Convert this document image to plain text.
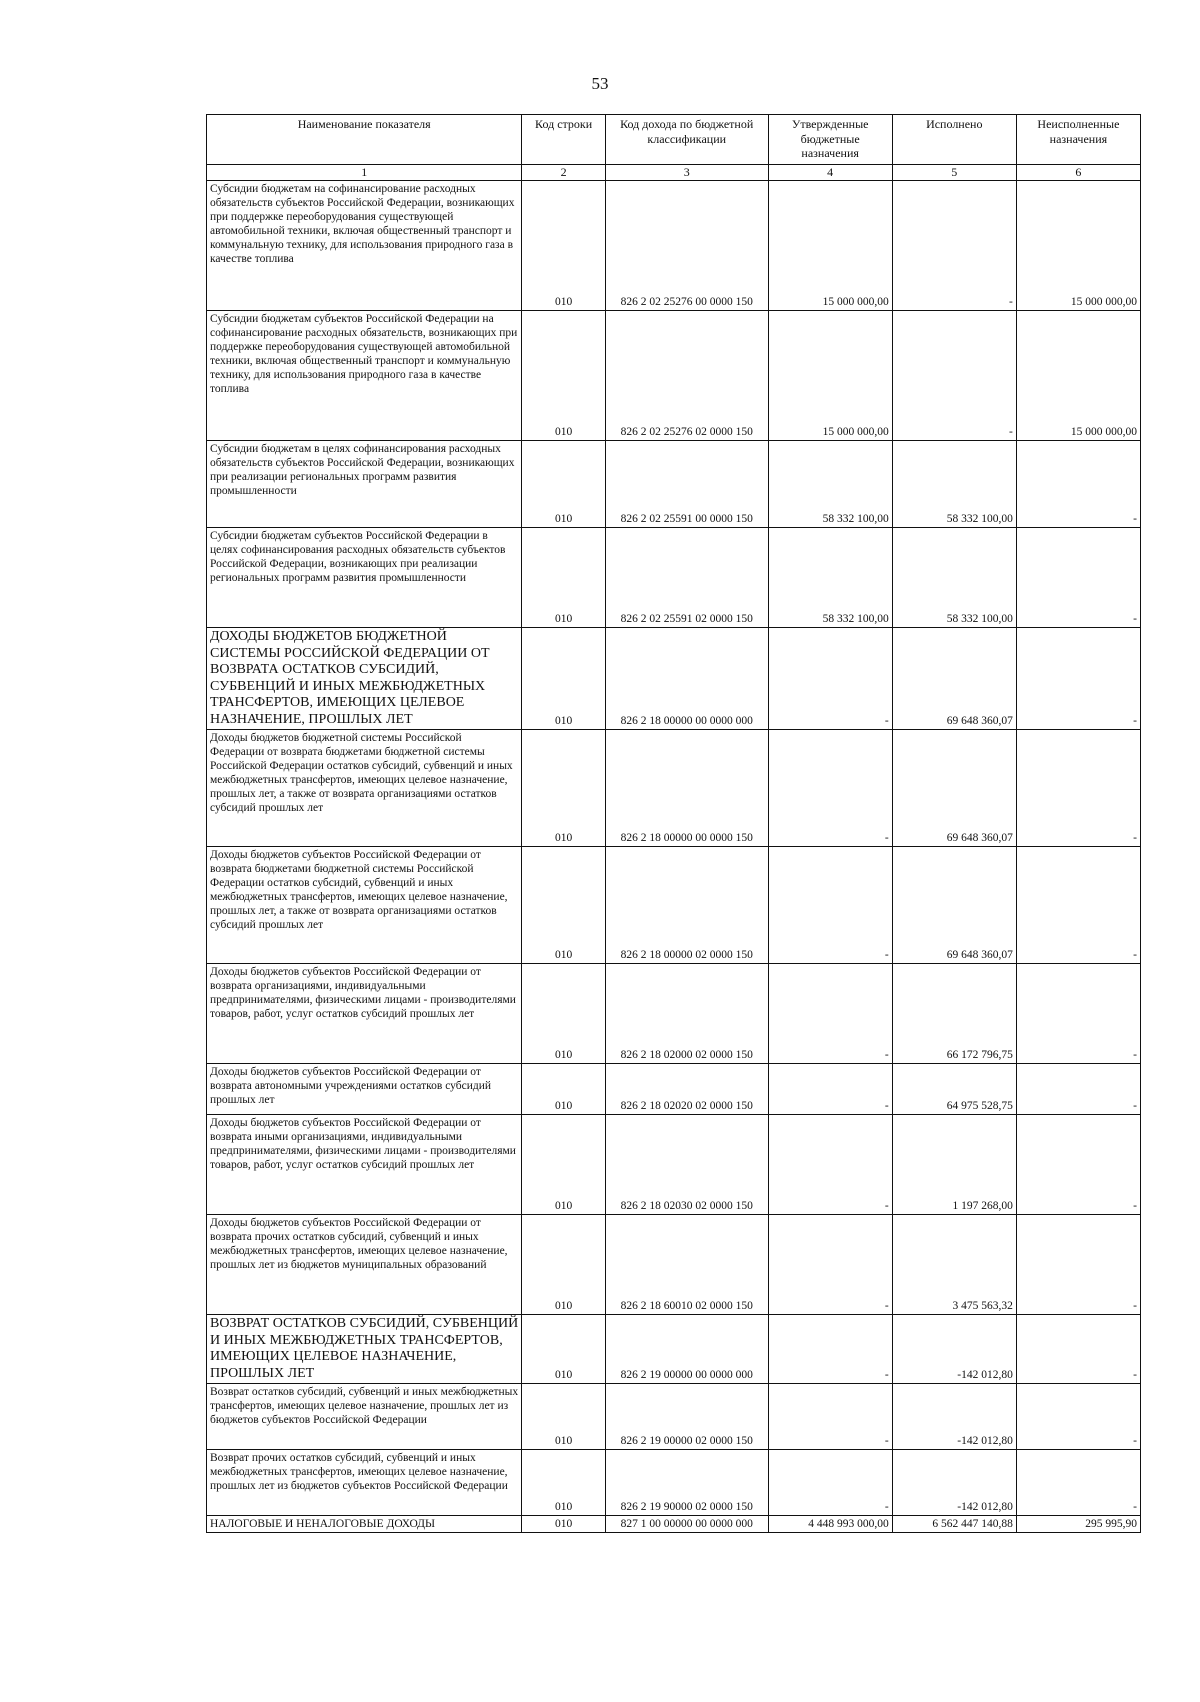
53
Наименование показателя	Код строки	Код дохода по бюджетной классификации	Утвержденные бюджетные назначения	Исполнено	Неисполненные назначения
1	2	3	4	5	6
Субсидии бюджетам на софинансирование расходных обязательств субъектов Российской Федерации, возникающих при поддержке переоборудования существующей автомобильной техники, включая общественный транспорт и коммунальную технику, для использования природного газа в качестве топлива	010	826 2 02 25276 00 0000 150	15 000 000,00	-	15 000 000,00
Субсидии бюджетам субъектов Российской Федерации на софинансирование расходных обязательств, возникающих при поддержке переоборудования существующей автомобильной техники, включая общественный транспорт и коммунальную технику, для использования природного газа в качестве топлива	010	826 2 02 25276 02 0000 150	15 000 000,00	-	15 000 000,00
Субсидии бюджетам в целях софинансирования расходных обязательств субъектов Российской Федерации, возникающих при реализации региональных программ развития промышленности	010	826 2 02 25591 00 0000 150	58 332 100,00	58 332 100,00	-
Субсидии бюджетам субъектов Российской Федерации в целях софинансирования расходных обязательств субъектов Российской Федерации, возникающих при реализации региональных программ развития промышленности	010	826 2 02 25591 02 0000 150	58 332 100,00	58 332 100,00	-
ДОХОДЫ БЮДЖЕТОВ БЮДЖЕТНОЙ СИСТЕМЫ РОССИЙСКОЙ ФЕДЕРАЦИИ ОТ ВОЗВРАТА ОСТАТКОВ СУБСИДИЙ, СУБВЕНЦИЙ И ИНЫХ МЕЖБЮДЖЕТНЫХ ТРАНСФЕРТОВ, ИМЕЮЩИХ ЦЕЛЕВОЕ НАЗНАЧЕНИЕ, ПРОШЛЫХ ЛЕТ	010	826 2 18 00000 00 0000 000	-	69 648 360,07	-
Доходы бюджетов бюджетной системы Российской Федерации от возврата бюджетами бюджетной системы Российской Федерации остатков субсидий, субвенций и иных межбюджетных трансфертов, имеющих целевое назначение, прошлых лет, а также от возврата организациями остатков субсидий прошлых лет	010	826 2 18 00000 00 0000 150	-	69 648 360,07	-
Доходы бюджетов субъектов Российской Федерации от возврата бюджетами бюджетной системы Российской Федерации остатков субсидий, субвенций и иных межбюджетных трансфертов, имеющих целевое назначение, прошлых лет, а также от возврата организациями остатков субсидий прошлых лет	010	826 2 18 00000 02 0000 150	-	69 648 360,07	-
Доходы бюджетов субъектов Российской Федерации от возврата организациями, индивидуальными предпринимателями, физическими лицами - производителями товаров, работ, услуг остатков субсидий прошлых лет	010	826 2 18 02000 02 0000 150	-	66 172 796,75	-
Доходы бюджетов субъектов Российской Федерации от возврата автономными учреждениями остатков субсидий прошлых лет	010	826 2 18 02020 02 0000 150	-	64 975 528,75	-
Доходы бюджетов субъектов Российской Федерации от возврата иными организациями, индивидуальными предпринимателями, физическими лицами - производителями товаров, работ, услуг остатков субсидий прошлых лет	010	826 2 18 02030 02 0000 150	-	1 197 268,00	-
Доходы бюджетов субъектов Российской Федерации от возврата прочих остатков субсидий, субвенций и иных межбюджетных трансфертов, имеющих целевое назначение, прошлых лет из бюджетов муниципальных образований	010	826 2 18 60010 02 0000 150	-	3 475 563,32	-
ВОЗВРАТ ОСТАТКОВ СУБСИДИЙ, СУБВЕНЦИЙ И ИНЫХ МЕЖБЮДЖЕТНЫХ ТРАНСФЕРТОВ, ИМЕЮЩИХ ЦЕЛЕВОЕ НАЗНАЧЕНИЕ, ПРОШЛЫХ ЛЕТ	010	826 2 19 00000 00 0000 000	-	-142 012,80	-
Возврат остатков субсидий, субвенций и иных межбюджетных трансфертов, имеющих целевое назначение, прошлых лет из бюджетов субъектов Российской Федерации	010	826 2 19 00000 02 0000 150	-	-142 012,80	-
Возврат прочих остатков субсидий, субвенций и иных межбюджетных трансфертов, имеющих целевое назначение, прошлых лет из бюджетов субъектов Российской Федерации	010	826 2 19 90000 02 0000 150	-	-142 012,80	-
НАЛОГОВЫЕ И НЕНАЛОГОВЫЕ ДОХОДЫ	010	827 1 00 00000 00 0000 000	4 448 993 000,00	6 562 447 140,88	295 995,90
